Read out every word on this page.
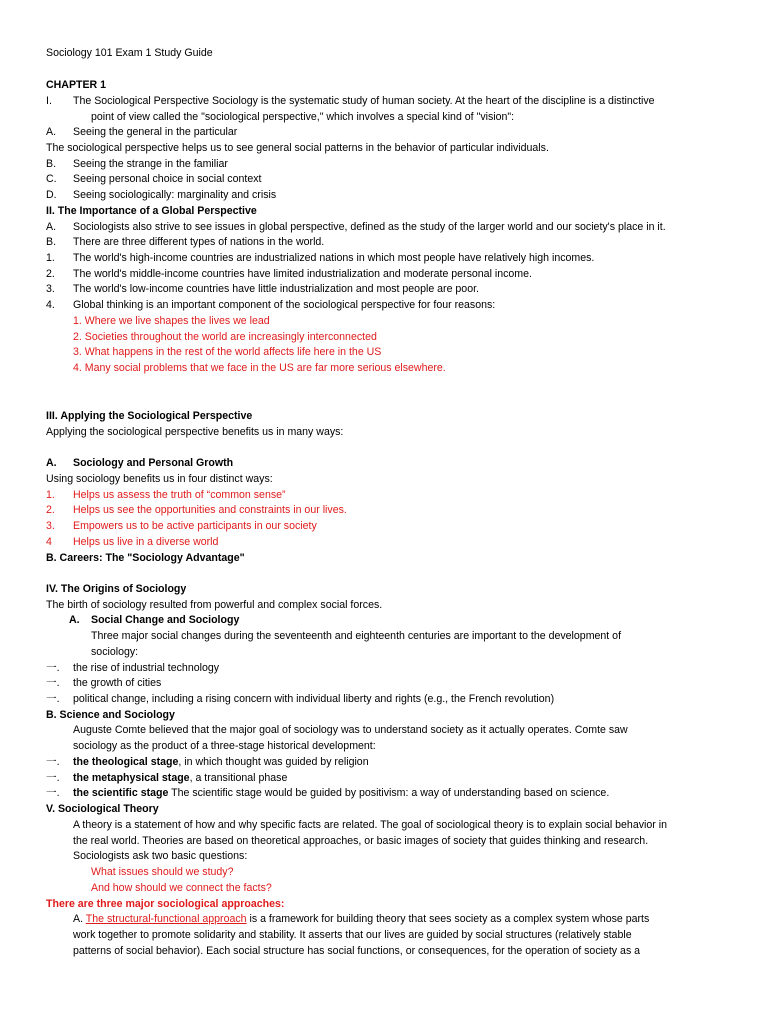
Sociology 101 Exam 1 Study Guide
CHAPTER 1
I. The Sociological Perspective Sociology is the systematic study of human society. At the heart of the discipline is a distinctive
point of view called the "sociological perspective," which involves a special kind of "vision":
A. Seeing the general in the particular
The sociological perspective helps us to see general social patterns in the behavior of particular individuals.
B. Seeing the strange in the familiar
C. Seeing personal choice in social context
D. Seeing sociologically: marginality and crisis
II. The Importance of a Global Perspective
A. Sociologists also strive to see issues in global perspective, defined as the study of the larger world and our society's place in it.
B. There are three different types of nations in the world.
1. The world's high-income countries are industrialized nations in which most people have relatively high incomes.
2. The world's middle-income countries have limited industrialization and moderate personal income.
3. The world's low-income countries have little industrialization and most people are poor.
4. Global thinking is an important component of the sociological perspective for four reasons:
1. Where we live shapes the lives we lead
2. Societies throughout the world are increasingly interconnected
3. What happens in the rest of the world affects life here in the US
4. Many social problems that we face in the US are far more serious elsewhere.
III. Applying the Sociological Perspective
Applying the sociological perspective benefits us in many ways:
A. Sociology and Personal Growth
Using sociology benefits us in four distinct ways:
1. Helps us assess the truth of “common sense”
2. Helps us see the opportunities and constraints in our lives.
3. Empowers us to be active participants in our society
4 Helps us live in a diverse world
B. Careers: The "Sociology Advantage"
IV. The Origins of Sociology
The birth of sociology resulted from powerful and complex social forces.
A. Social Change and Sociology
Three major social changes during the seventeenth and eighteenth centuries are important to the development of
sociology:
一. the rise of industrial technology
一. the growth of cities
一. political change, including a rising concern with individual liberty and rights (e.g., the French revolution)
B. Science and Sociology
Auguste Comte believed that the major goal of sociology was to understand society as it actually operates. Comte saw
sociology as the product of a three-stage historical development:
一. the theological stage, in which thought was guided by religion
一. the metaphysical stage, a transitional phase
一. the scientific stage The scientific stage would be guided by positivism: a way of understanding based on science.
V. Sociological Theory
A theory is a statement of how and why specific facts are related. The goal of sociological theory is to explain social behavior in
the real world. Theories are based on theoretical approaches, or basic images of society that guides thinking and research.
Sociologists ask two basic questions:
What issues should we study?
And how should we connect the facts?
There are three major sociological approaches:
A. The structural-functional approach is a framework for building theory that sees society as a complex system whose parts
work together to promote solidarity and stability. It asserts that our lives are guided by social structures (relatively stable
patterns of social behavior). Each social structure has social functions, or consequences, for the operation of society as a
